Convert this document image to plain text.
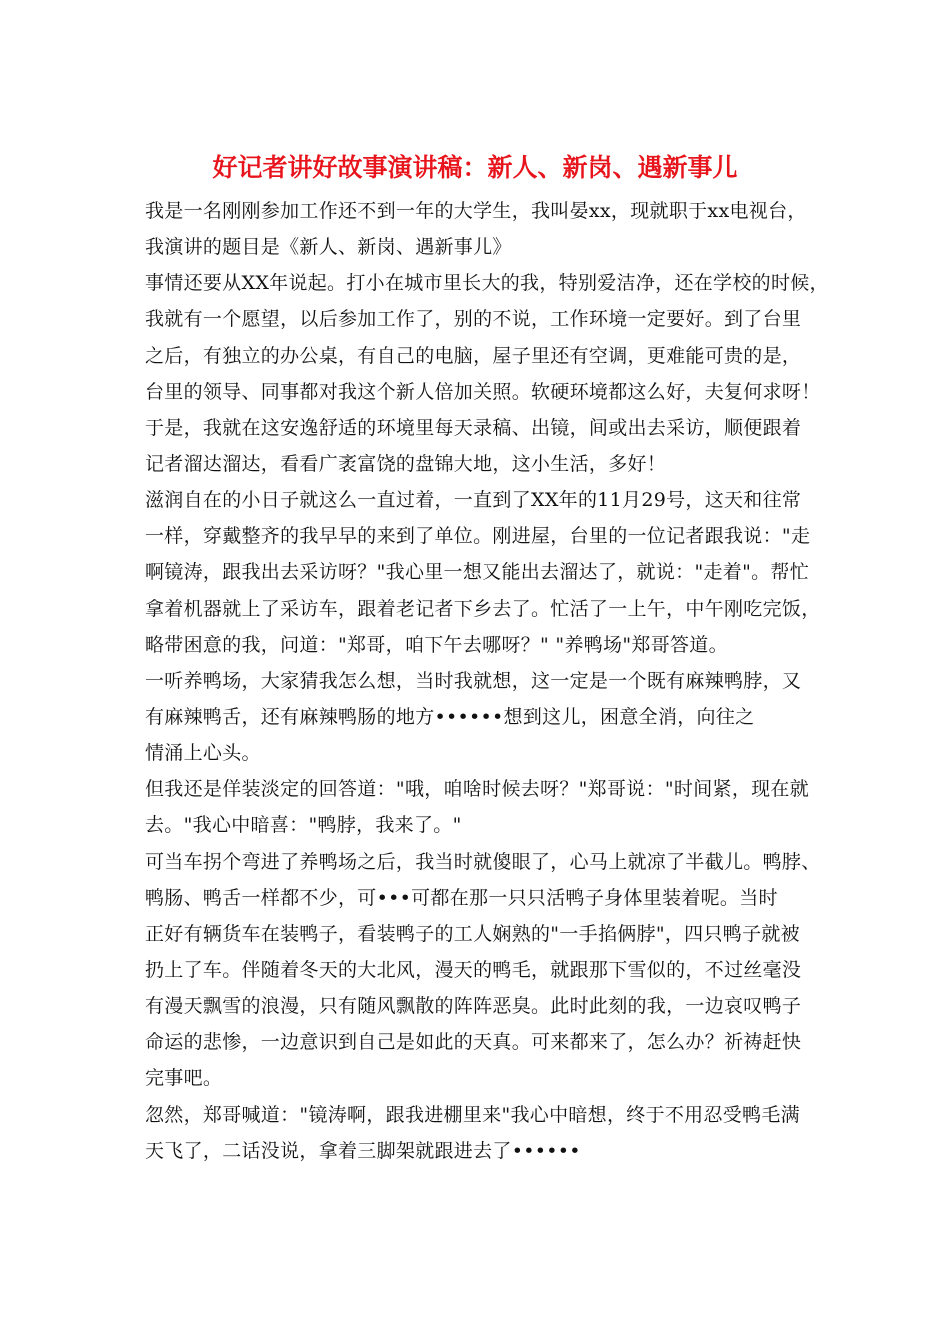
好记者讲好故事演讲稿：新人、新岗、遇新事儿
我是一名刚刚参加工作还不到一年的大学生，我叫晏xx，现就职于xx电视台，
我演讲的题目是《新人、新岗、遇新事儿》
事情还要从XX年说起。打小在城市里长大的我，特别爱洁净，还在学校的时候，
我就有一个愿望，以后参加工作了，别的不说，工作环境一定要好。到了台里
之后，有独立的办公桌，有自己的电脑，屋子里还有空调，更难能可贵的是，
台里的领导、同事都对我这个新人倍加关照。软硬环境都这么好，夫复何求呀！
于是，我就在这安逸舒适的环境里每天录稿、出镜，间或出去采访，顺便跟着
记者溜达溜达，看看广袤富饶的盘锦大地，这小生活，多好！
滋润自在的小日子就这么一直过着，一直到了XX年的11月29号，这天和往常
一样，穿戴整齐的我早早的来到了单位。刚进屋，台里的一位记者跟我说："走
啊镜涛，跟我出去采访呀？"我心里一想又能出去溜达了，就说："走着"。帮忙
拿着机器就上了采访车，跟着老记者下乡去了。忙活了一上午，中午刚吃完饭，
略带困意的我，问道："郑哥，咱下午去哪呀？" "养鸭场"郑哥答道。
一听养鸭场，大家猜我怎么想，当时我就想，这一定是一个既有麻辣鸭脖，又
有麻辣鸭舌，还有麻辣鸭肠的地方••••••想到这儿，困意全消，向往之
情涌上心头。
但我还是佯装淡定的回答道："哦，咱啥时候去呀？"郑哥说："时间紧，现在就
去。"我心中暗喜："鸭脖，我来了。"
可当车拐个弯进了养鸭场之后，我当时就傻眼了，心马上就凉了半截儿。鸭脖、
鸭肠、鸭舌一样都不少，可•••可都在那一只只活鸭子身体里装着呢。当时
正好有辆货车在装鸭子，看装鸭子的工人娴熟的"一手掐俩脖"，四只鸭子就被
扔上了车。伴随着冬天的大北风，漫天的鸭毛，就跟那下雪似的，不过丝毫没
有漫天飘雪的浪漫，只有随风飘散的阵阵恶臭。此时此刻的我，一边哀叹鸭子
命运的悲惨，一边意识到自己是如此的天真。可来都来了，怎么办？祈祷赶快
完事吧。
忽然，郑哥喊道："镜涛啊，跟我进棚里来"我心中暗想，终于不用忍受鸭毛满
天飞了，二话没说，拿着三脚架就跟进去了••••••
